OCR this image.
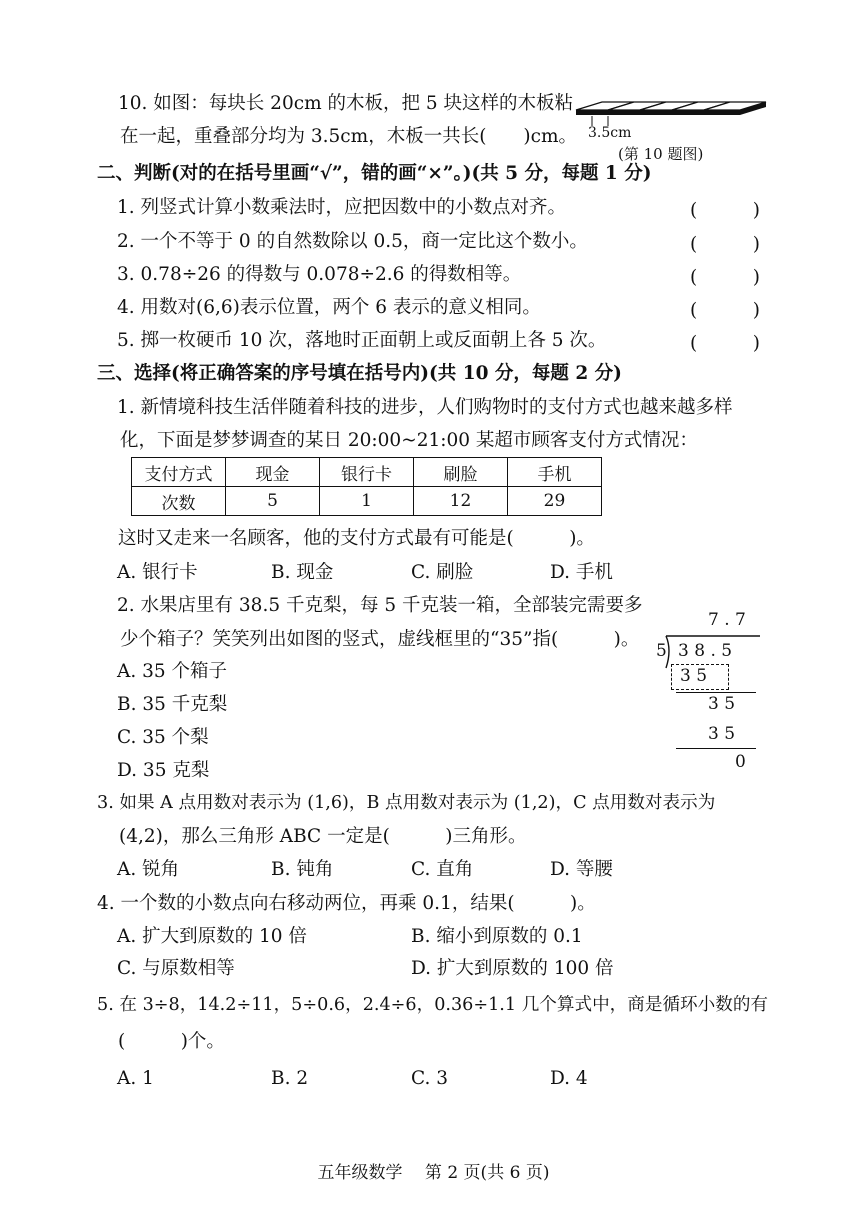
10. 如图：每块长 20cm 的木板，把 5 块这样的木板粘
在一起，重叠部分均为 3.5cm，木板一共长(　　)cm。 3.5cm
(第 10 题图)
二、判断(对的在括号里画“√”，错的画“×”。)(共 5 分，每题 1 分)
1. 列竖式计算小数乘法时，应把因数中的小数点对齐。	(　　　)
2. 一个不等于 0 的自然数除以 0.5，商一定比这个数小。	(　　　)
3. 0.78÷26 的得数与 0.078÷2.6 的得数相等。	(　　　)
4. 用数对(6,6)表示位置，两个 6 表示的意义相同。	(　　　)
5. 掷一枚硬币 10 次，落地时正面朝上或反面朝上各 5 次。	(　　　)
三、选择(将正确答案的序号填在括号内)(共 10 分，每题 2 分)
1. 新情境科技生活伴随着科技的进步，人们购物时的支付方式也越来越多样
化，下面是梦梦调查的某日 20:00~21:00 某超市顾客支付方式情况：
支付方式	现金	银行卡	刷脸	手机
次数	5	1	12	29
这时又走来一名顾客，他的支付方式最有可能是(　　　)。
A. 银行卡	B. 现金	C. 刷脸	D. 手机
2. 水果店里有 38.5 千克梨，每 5 千克装一箱，全部装完需要多
少个箱子？笑笑列出如图的竖式，虚线框里的“35”指(　　　)。
A. 35 个箱子
B. 35 千克梨
C. 35 个梨
D. 35 克梨
7 . 7
5 3 8 . 5
3 5
3 5
3 5
0
3. 如果 A 点用数对表示为 (1,6)，B 点用数对表示为 (1,2)，C 点用数对表示为
(4,2)，那么三角形 ABC 一定是(　　　)三角形。
A. 锐角	B. 钝角	C. 直角	D. 等腰
4. 一个数的小数点向右移动两位，再乘 0.1，结果(　　　)。
A. 扩大到原数的 10 倍	B. 缩小到原数的 0.1
C. 与原数相等	D. 扩大到原数的 100 倍
5. 在 3÷8，14.2÷11，5÷0.6，2.4÷6，0.36÷1.1 几个算式中，商是循环小数的有
(　　　)个。
A. 1	B. 2	C. 3	D. 4
五年级数学　 第 2 页(共 6 页)
